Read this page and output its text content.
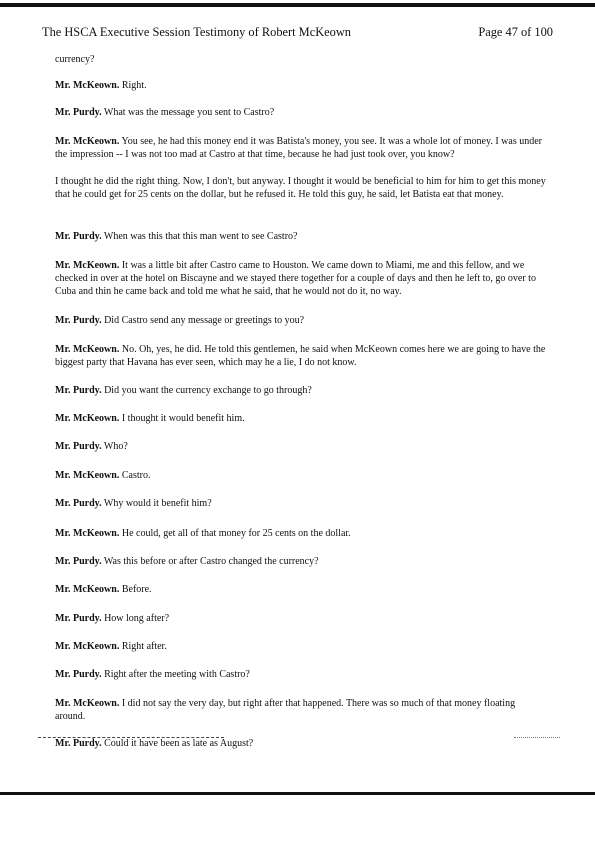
The HSCA Executive Session Testimony of Robert McKeown	Page 47 of 100

currency?

Mr. McKeown. Right.

Mr. Purdy. What was the message you sent to Castro?

Mr. McKeown. You see, he had this money end it was Batista's money, you see. It was a whole lot of money. I was under the impression -- I was not too mad at Castro at that time, because he had just took over, you know?

I thought he did the right thing. Now, I don't, but anyway. I thought it would be beneficial to him for him to get this money that he could get for 25 cents on the dollar, but he refused it. He told this guy, he said, let Batista eat that money.

Mr. Purdy. When was this that this man went to see Castro?

Mr. McKeown. It was a little bit after Castro came to Houston. We came down to Miami, me and this fellow, and we checked in over at the hotel on Biscayne and we stayed there together for a couple of days and then he left to, go over to Cuba and thin he came back and told me what he said, that he would not do it, no way.

Mr. Purdy. Did Castro send any message or greetings to you?

Mr. McKeown. No. Oh, yes, he did. He told this gentlemen, he said when McKeown comes here we are going to have the biggest party that Havana has ever seen, which may he a lie, I do not know.

Mr. Purdy. Did you want the currency exchange to go through?

Mr. McKeown. I thought it would benefit him.

Mr. Purdy. Who?

Mr. McKeown. Castro.

Mr. Purdy. Why would it benefit him?

Mr. McKeown. He could, get all of that money for 25 cents on the dollar.

Mr. Purdy. Was this before or after Castro changed the currency?

Mr. McKeown. Before.

Mr. Purdy. How long after?

Mr. McKeown. Right after.

Mr. Purdy. Right after the meeting with Castro?

Mr. McKeown. I did not say the very day, but right after that happened. There was so much of that money floating around.

Mr. Purdy. Could it have been as late as August?
